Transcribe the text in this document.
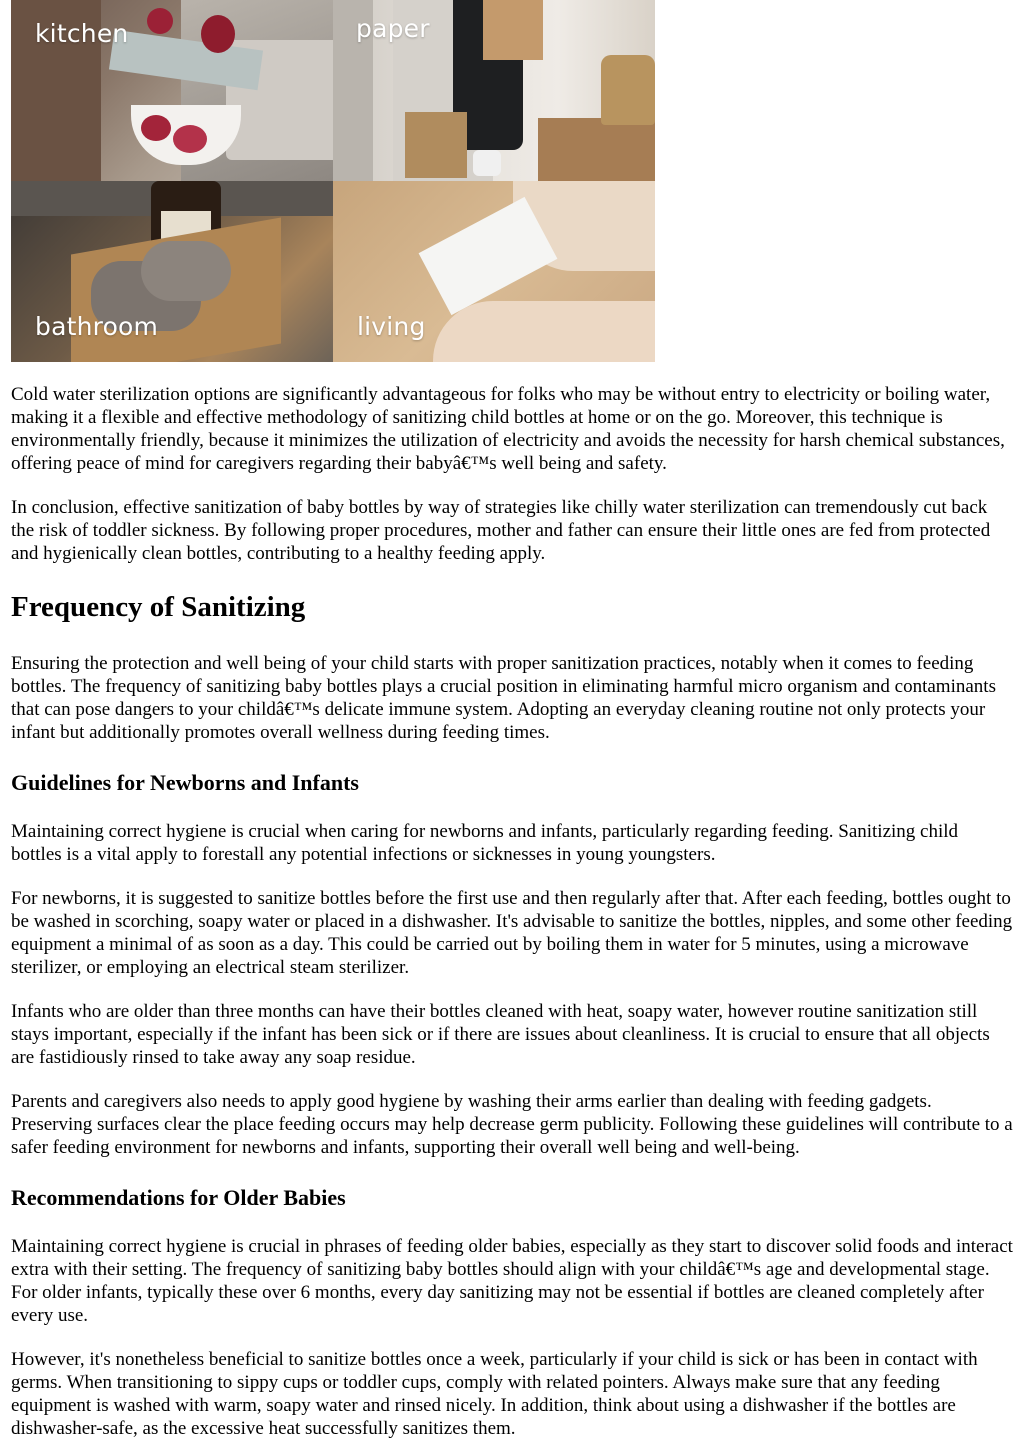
kitchen	paper
bathroom	living

Cold water sterilization options are significantly advantageous for folks who may be without entry to electricity or boiling water, making it a flexible and effective methodology of sanitizing child bottles at home or on the go. Moreover, this technique is environmentally friendly, because it minimizes the utilization of electricity and avoids the necessity for harsh chemical substances, offering peace of mind for caregivers regarding their babyâ€™s well being and safety.

In conclusion, effective sanitization of baby bottles by way of strategies like chilly water sterilization can tremendously cut back the risk of toddler sickness. By following proper procedures, mother and father can ensure their little ones are fed from protected and hygienically clean bottles, contributing to a healthy feeding apply.

Frequency of Sanitizing

Ensuring the protection and well being of your child starts with proper sanitization practices, notably when it comes to feeding bottles. The frequency of sanitizing baby bottles plays a crucial position in eliminating harmful micro organism and contaminants that can pose dangers to your childâ€™s delicate immune system. Adopting an everyday cleaning routine not only protects your infant but additionally promotes overall wellness during feeding times.

Guidelines for Newborns and Infants

Maintaining correct hygiene is crucial when caring for newborns and infants, particularly regarding feeding. Sanitizing child bottles is a vital apply to forestall any potential infections or sicknesses in young youngsters.

For newborns, it is suggested to sanitize bottles before the first use and then regularly after that. After each feeding, bottles ought to be washed in scorching, soapy water or placed in a dishwasher. It's advisable to sanitize the bottles, nipples, and some other feeding equipment a minimal of as soon as a day. This could be carried out by boiling them in water for 5 minutes, using a microwave sterilizer, or employing an electrical steam sterilizer.

Infants who are older than three months can have their bottles cleaned with heat, soapy water, however routine sanitization still stays important, especially if the infant has been sick or if there are issues about cleanliness. It is crucial to ensure that all objects are fastidiously rinsed to take away any soap residue.

Parents and caregivers also needs to apply good hygiene by washing their arms earlier than dealing with feeding gadgets. Preserving surfaces clear the place feeding occurs may help decrease germ publicity. Following these guidelines will contribute to a safer feeding environment for newborns and infants, supporting their overall well being and well-being.

Recommendations for Older Babies

Maintaining correct hygiene is crucial in phrases of feeding older babies, especially as they start to discover solid foods and interact extra with their setting. The frequency of sanitizing baby bottles should align with your childâ€™s age and developmental stage. For older infants, typically these over 6 months, every day sanitizing may not be essential if bottles are cleaned completely after every use.

However, it's nonetheless beneficial to sanitize bottles once a week, particularly if your child is sick or has been in contact with germs. When transitioning to sippy cups or toddler cups, comply with related pointers. Always make sure that any feeding equipment is washed with warm, soapy water and rinsed nicely. In addition, think about using a dishwasher if the bottles are dishwasher-safe, as the excessive heat successfully sanitizes them.
